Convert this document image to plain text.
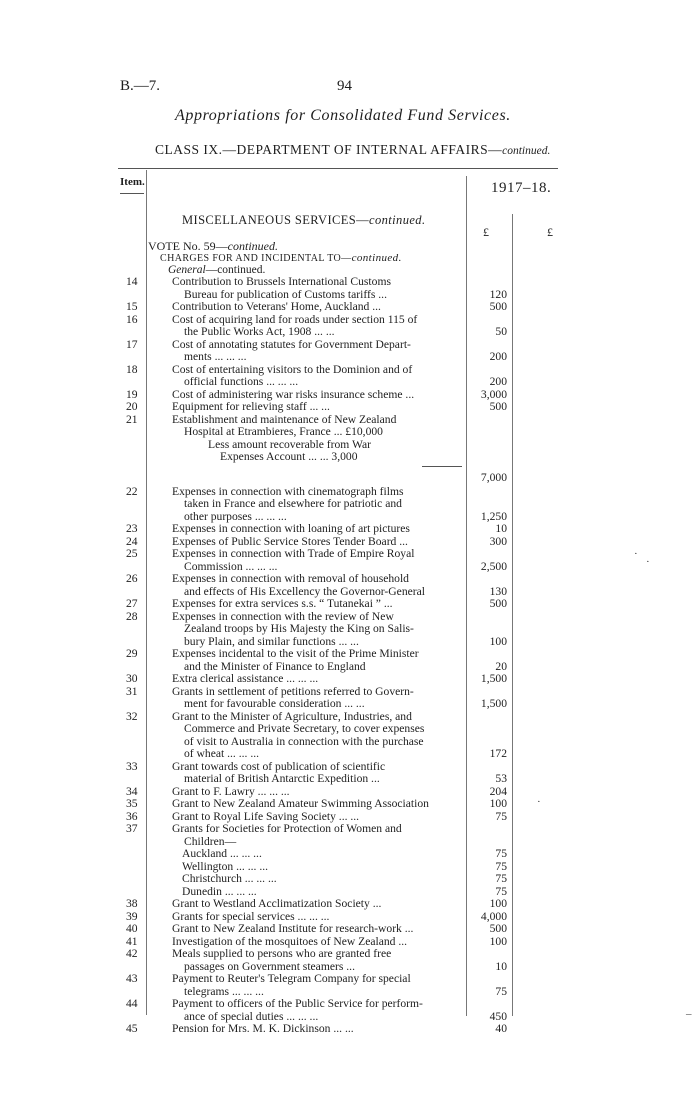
B.—7.	94
Appropriations for Consolidated Fund Services.
CLASS IX.—DEPARTMENT OF INTERNAL AFFAIRS—continued.
Item.	1917–18.
MISCELLANEOUS SERVICES—continued.
£	£
VOTE No. 59—continued.
CHARGES FOR AND INCIDENTAL TO—continued.
General—continued.
14	Contribution to Brussels International Customs
Bureau for publication of Customs tariffs ...	120
15	Contribution to Veterans' Home, Auckland ...	500
16	Cost of acquiring land for roads under section 115 of
the Public Works Act, 1908 ... ...	50
17	Cost of annotating statutes for Government Depart-
ments ... ... ...	200
18	Cost of entertaining visitors to the Dominion and of
official functions ... ... ...	200
19	Cost of administering war risks insurance scheme ...	3,000
20	Equipment for relieving staff ... ...	500
21	Establishment and maintenance of New Zealand
Hospital at Etrambieres, France ... £10,000
Less amount recoverable from War
Expenses Account ... ... 3,000
7,000
22	Expenses in connection with cinematograph films
taken in France and elsewhere for patriotic and
other purposes ... ... ...	1,250
23	Expenses in connection with loaning of art pictures	10
24	Expenses of Public Service Stores Tender Board ...	300
25	Expenses in connection with Trade of Empire Royal
Commission ... ... ...	2,500
26	Expenses in connection with removal of household
and effects of His Excellency the Governor-General	130
27	Expenses for extra services s.s. “ Tutanekai ” ...	500
28	Expenses in connection with the review of New
Zealand troops by His Majesty the King on Salis-
bury Plain, and similar functions ... ...	100
29	Expenses incidental to the visit of the Prime Minister
and the Minister of Finance to England	20
30	Extra clerical assistance ... ... ...	1,500
31	Grants in settlement of petitions referred to Govern-
ment for favourable consideration ... ...	1,500
32	Grant to the Minister of Agriculture, Industries, and
Commerce and Private Secretary, to cover expenses
of visit to Australia in connection with the purchase
of wheat ... ... ...	172
33	Grant towards cost of publication of scientific
material of British Antarctic Expedition ...	53
34	Grant to F. Lawry ... ... ...	204
35	Grant to New Zealand Amateur Swimming Association	100
36	Grant to Royal Life Saving Society ... ...	75
37	Grants for Societies for Protection of Women and
Children—
Auckland ... ... ...	75
Wellington ... ... ...	75
Christchurch ... ... ...	75
Dunedin ... ... ...	75
38	Grant to Westland Acclimatization Society ...	100
39	Grants for special services ... ... ...	4,000
40	Grant to New Zealand Institute for research-work ...	500
41	Investigation of the mosquitoes of New Zealand ...	100
42	Meals supplied to persons who are granted free
passages on Government steamers ...	10
43	Payment to Reuter's Telegram Company for special
telegrams ... ... ...	75
44	Payment to officers of the Public Service for perform-
ance of special duties ... ... ...	450
45	Pension for Mrs. M. K. Dickinson ... ...	40
·
·
·
–
